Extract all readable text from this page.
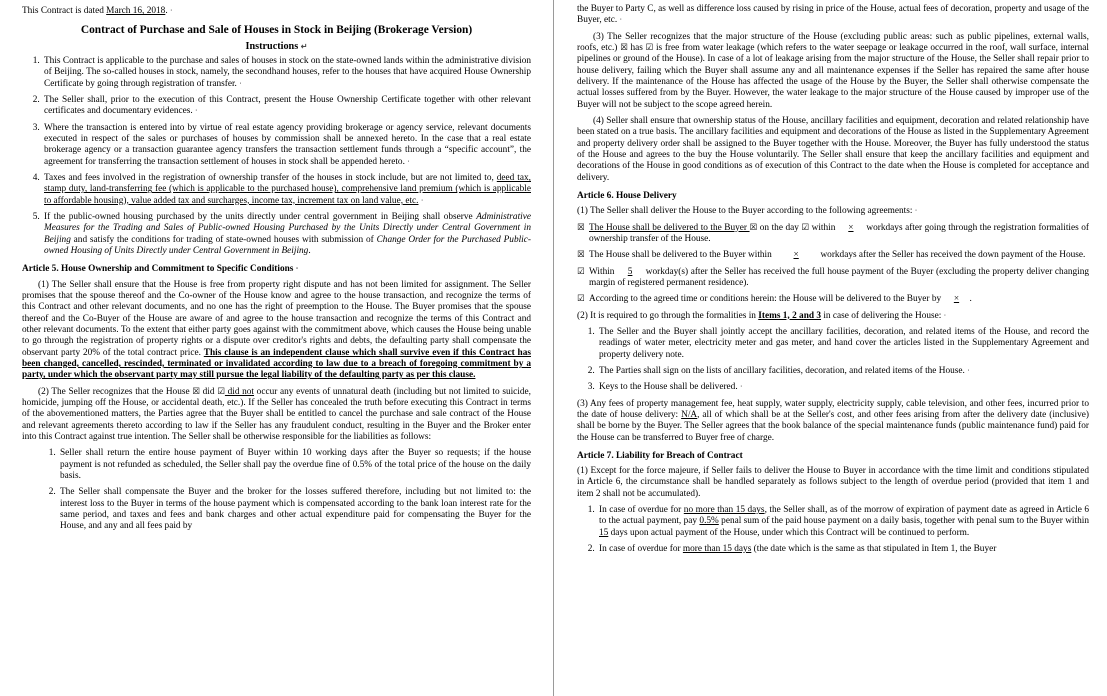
This Contract is dated March 16, 2018. ‧

Contract of Purchase and Sale of Houses in Stock in Beijing (Brokerage Version)
Instructions ↵
1. This Contract is applicable to the purchase and sales of houses in stock on the state-owned lands within the administrative division of Beijing. The so-called houses in stock, namely, the secondhand houses, refer to the houses that have acquired House Ownership Certificate by going through registration of transfer. ‧
2. The Seller shall, prior to the execution of this Contract, present the House Ownership Certificate together with other relevant certificates and documentary evidences. ‧
3. Where the transaction is entered into by virtue of real estate agency providing brokerage or agency service, relevant documents executed in respect of the sales or purchases of houses by commission shall be annexed hereto. In the case that a real estate brokerage agency or a transaction guarantee agency transfers the transaction settlement funds through a “specific account”, the agreement for transferring the transaction settlement of houses in stock shall be appended hereto. ‧
4. Taxes and fees involved in the registration of ownership transfer of the houses in stock include, but are not limited to, deed tax, stamp duty, land-transferring fee (which is applicable to the purchased house), comprehensive land premium (which is applicable to affordable housing), value added tax and surcharges, income tax, increment tax on land value, etc. ‧
5. If the public-owned housing purchased by the units directly under central government in Beijing shall observe Administrative Measures for the Trading and Sales of Public-owned Housing Purchased by the Units Directly under Central Government in Beijing and satisfy the conditions for trading of state-owned houses with submission of Change Order for the Purchased Public-owned Housing of Units Directly under Central Government in Beijing.
Article 5. House Ownership and Commitment to Specific Conditions ‧

(1) The Seller shall ensure that the House is free from property right dispute and has not been limited for assignment. The Seller promises that the spouse thereof and the Co-owner of the House know and agree to the house transaction, and recognize the terms of this Contract and other relevant documents, and no one has the right of preemption to the House. The Buyer promises that the spouse thereof and the Co-Buyer of the House are aware of and agree to the house transaction and recognize the terms of this Contract and other relevant documents. To the extent that either party goes against with the commitment above, which causes the House being unable to go through the registration of property rights or a dispute over creditor's rights and debts, the defaulting party shall compensate the observant party 20% of the total contract price. This clause is an independent clause which shall survive even if this Contract has been changed, cancelled, rescinded, terminated or invalidated according to law due to a breach of foregoing commitment by a party, under which the observant party may still pursue the legal liability of the defaulting party as per this clause.

(2) The Seller recognizes that the House ☒ did ☑ did not occur any events of unnatural death (including but not limited to suicide, homicide, jumping off the House, or accidental death, etc.). If the Seller has concealed the truth before executing this Contract in terms of the abovementioned matters, the Parties agree that the Buyer shall be entitled to cancel the purchase and sale contract of the House and relevant agreements thereto according to law if the Seller has any fraudulent conduct, resulting in the Buyer and the Broker enter into this Contract against true intention. The Seller shall be otherwise responsible for the liabilities as follows:

1. Seller shall return the entire house payment of Buyer within 10 working days after the Buyer so requests; if the house payment is not refunded as scheduled, the Seller shall pay the overdue fine of 0.5% of the total price of the house on the daily basis.
2. The Seller shall compensate the Buyer and the broker for the losses suffered therefore, including but not limited to: the interest loss to the Buyer in terms of the house payment which is compensated according to the bank loan interest rate for the same period, and taxes and fees and bank charges and other actual expenditure paid for compensating the Buyer for the House, and any and all fees paid by

the Buyer to Party C, as well as difference loss caused by rising in price of the House, actual fees of decoration, property and usage of the Buyer, etc. ‧

(3) The Seller recognizes that the major structure of the House (excluding public areas: such as public pipelines, external walls, roofs, etc.) ☒ has ☑ is free from water leakage (which refers to the water seepage or leakage occurred in the roof, wall surface, internal pipelines or ground of the House). In case of a lot of leakage arising from the major structure of the House, the Seller shall repair prior to house delivery, failing which the Buyer shall assume any and all maintenance expenses if the Seller has repaired the same after house delivery. If the maintenance of the House has affected the usage of the House by the Buyer, the Seller shall otherwise compensate the actual losses suffered from by the Buyer. However, the water leakage to the major structure of the House caused by improper use of the Buyer will not be subject to the scope agreed herein.

(4) Seller shall ensure that ownership status of the House, ancillary facilities and equipment, decoration and related relationship have been stated on a true basis. The ancillary facilities and equipment and decorations of the House as listed in the Supplementary Agreement and property delivery order shall be assigned to the Buyer together with the House. Moreover, the Buyer has fully understood the status of the House and agrees to the buy the House voluntarily. The Seller shall ensure that keep the ancillary facilities and equipment and decorations of the House in good conditions as of execution of this Contract to the date when the House is completed for acceptance and delivery.

Article 6. House Delivery

(1) The Seller shall deliver the House to the Buyer according to the following agreements: ‧

☒ The House shall be delivered to the Buyer ☒ on the day ☑ within × workdays after going through the registration formalities of ownership transfer of the House.
☒ The House shall be delivered to the Buyer within × workdays after the Seller has received the down payment of the House.
☑ Within 5 workday(s) after the Seller has received the full house payment of the Buyer (excluding the property deliver changing margin of registered permanent residence).
☑ According to the agreed time or conditions herein: the House will be delivered to the Buyer by × .

(2) It is required to go through the formalities in Items 1, 2 and 3 in case of delivering the House: ‧

1. The Seller and the Buyer shall jointly accept the ancillary facilities, decoration, and related items of the House, and record the readings of water meter, electricity meter and gas meter, and hand cover the articles listed in the Supplementary Agreement and property delivery note.
2. The Parties shall sign on the lists of ancillary facilities, decoration, and related items of the House. ‧
3. Keys to the House shall be delivered. ‧

(3) Any fees of property management fee, heat supply, water supply, electricity supply, cable television, and other fees, incurred prior to the date of house delivery: N/A, all of which shall be at the Seller's cost, and other fees arising from after the delivery date (inclusive) shall be borne by the Buyer. The Seller agrees that the book balance of the special maintenance funds (public maintenance fund) paid for the House can be transferred to Buyer free of charge.

Article 7. Liability for Breach of Contract

(1) Except for the force majeure, if Seller fails to deliver the House to Buyer in accordance with the time limit and conditions stipulated in Article 6, the circumstance shall be handled separately as follows subject to the length of overdue period (provided that item 1 and item 2 shall not be accumulated).

1. In case of overdue for no more than 15 days, the Seller shall, as of the morrow of expiration of payment date as agreed in Article 6 to the actual payment, pay 0.5% penal sum of the paid house payment on a daily basis, together with penal sum to the Buyer within 15 days upon actual payment of the House, under which this Contract will be continued to perform.
2. In case of overdue for more than 15 days (the date which is the same as that stipulated in Item 1, the Buyer
